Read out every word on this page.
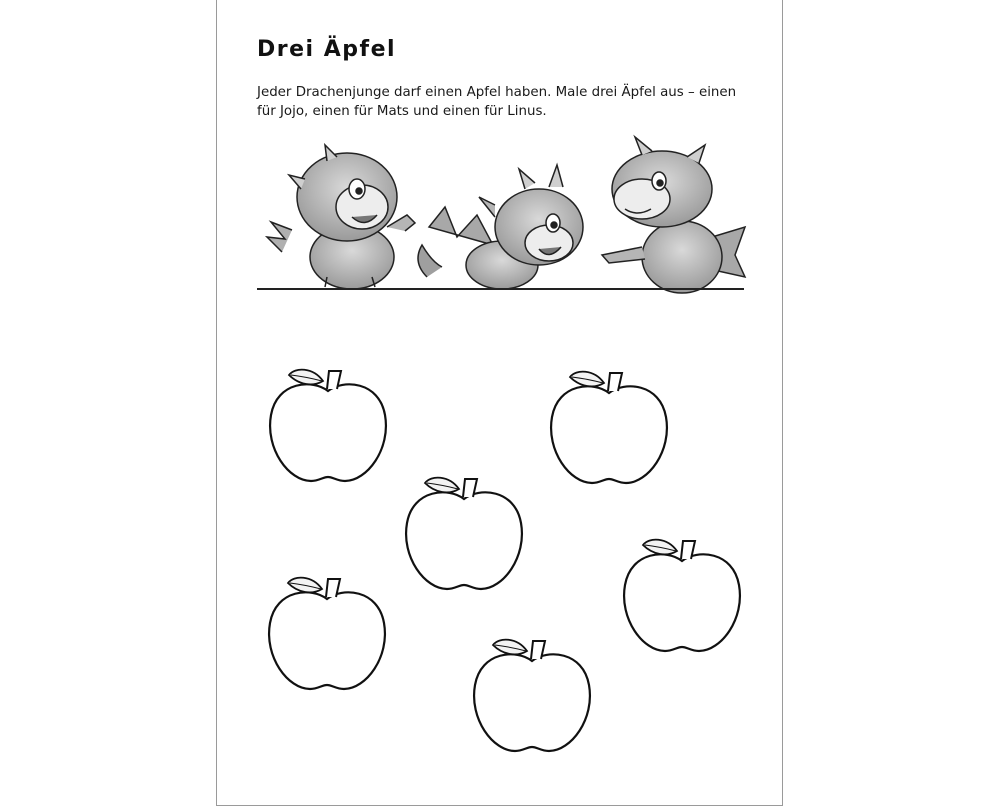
Drei Äpfel

Jeder Drachenjunge darf einen Apfel haben. Male drei Äpfel aus – einen für Jojo, einen für Mats und einen für Linus.
